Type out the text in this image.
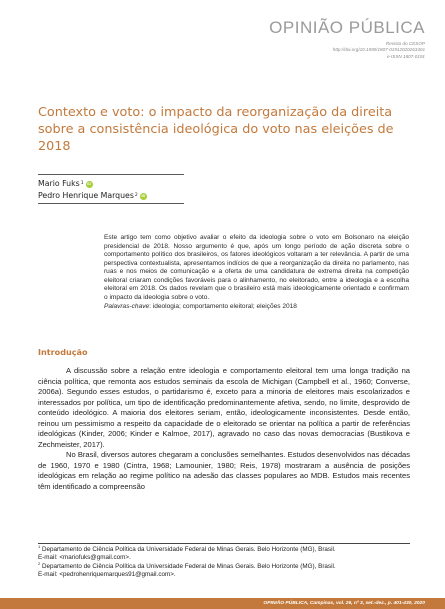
OPINIÃO PÚBLICA
Revista do CESOP
http://doi.org/10.1590/1807-01912020263401
e-ISSN 1807-0191
Contexto e voto: o impacto da reorganização da direita sobre a consistência ideológica do voto nas eleições de 2018
Mario Fuks 1
iD
Pedro Henrique Marques 2
iD

Este artigo tem como objetivo avaliar o efeito da ideologia sobre o voto em Bolsonaro na eleição presidencial de 2018. Nosso argumento é que, após um longo período de ação discreta sobre o comportamento político dos brasileiros, os fatores ideológicos voltaram a ter relevância. A partir de uma perspectiva contextualista, apresentamos indícios de que a reorganização da direita no parlamento, nas ruas e nos meios de comunicação e a oferta de uma candidatura de extrema direita na competição eleitoral criaram condições favoráveis para o alinhamento, no eleitorado, entre a ideologia e a escolha eleitoral em 2018. Os dados revelam que o brasileiro está mais ideologicamente orientado e confirmam o impacto da ideologia sobre o voto.

Palavras-chave: ideologia; comportamento eleitoral; eleições 2018

Introdução

A discussão sobre a relação entre ideologia e comportamento eleitoral tem uma longa tradição na ciência política, que remonta aos estudos seminais da escola de Michigan (Campbell et al., 1960; Converse, 2006a). Segundo esses estudos, o partidarismo é, exceto para a minoria de eleitores mais escolarizados e interessados por política, um tipo de identificação predominantemente afetiva, sendo, no limite, desprovido de conteúdo ideológico. A maioria dos eleitores seriam, então, ideologicamente inconsistentes. Desde então, reinou um pessimismo a respeito da capacidade de o eleitorado se orientar na política a partir de referências ideológicas (Kinder, 2006; Kinder e Kalmoe, 2017), agravado no caso das novas democracias (Bustikova e Zechmeister, 2017).

No Brasil, diversos autores chegaram a conclusões semelhantes. Estudos desenvolvidos nas décadas de 1960, 1970 e 1980 (Cintra, 1968; Lamounier, 1980; Reis, 1978) mostraram a ausência de posições ideológicas em relação ao regime político na adesão das classes populares ao MDB. Estudos mais recentes têm identificado a compreensão

$^1$ Departamento de Ciência Política da Universidade Federal de Minas Gerais. Belo Horizonte (MG), Brasil.
E-mail: <mariofuks@gmail.com>.
$^2$ Departamento de Ciência Política da Universidade Federal de Minas Gerais. Belo Horizonte (MG), Brasil.
E-mail: <pedrohenriquemarques91@gmail.com>.
OPINIÃO PÚBLICA, Campinas, vol. 26, nº 3, set.-dez., p. 401-430, 2020
